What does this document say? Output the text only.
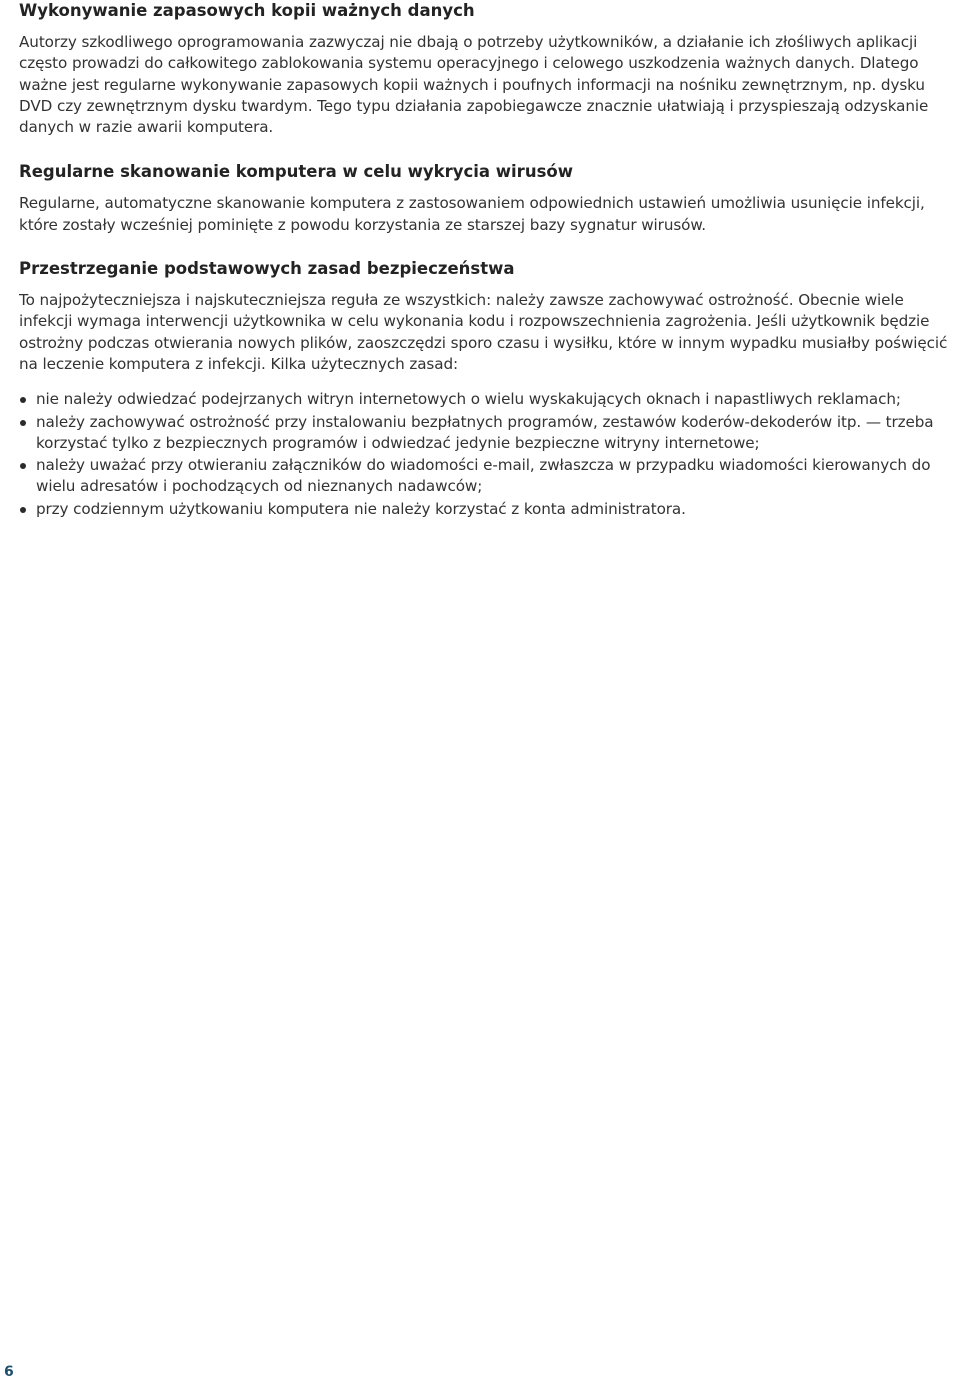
Wykonywanie zapasowych kopii ważnych danych

Autorzy szkodliwego oprogramowania zazwyczaj nie dbają o potrzeby użytkowników, a działanie ich złośliwych aplikacji często prowadzi do całkowitego zablokowania systemu operacyjnego i celowego uszkodzenia ważnych danych. Dlatego ważne jest regularne wykonywanie zapasowych kopii ważnych i poufnych informacji na nośniku zewnętrznym, np. dysku DVD czy zewnętrznym dysku twardym. Tego typu działania zapobiegawcze znacznie ułatwiają i przyspieszają odzyskanie danych w razie awarii komputera.

Regularne skanowanie komputera w celu wykrycia wirusów

Regularne, automatyczne skanowanie komputera z zastosowaniem odpowiednich ustawień umożliwia usunięcie infekcji, które zostały wcześniej pominięte z powodu korzystania ze starszej bazy sygnatur wirusów.

Przestrzeganie podstawowych zasad bezpieczeństwa

To najpożyteczniejsza i najskuteczniejsza reguła ze wszystkich: należy zawsze zachowywać ostrożność. Obecnie wiele infekcji wymaga interwencji użytkownika w celu wykonania kodu i rozpowszechnienia zagrożenia. Jeśli użytkownik będzie ostrożny podczas otwierania nowych plików, zaoszczędzi sporo czasu i wysiłku, które w innym wypadku musiałby poświęcić na leczenie komputera z infekcji. Kilka użytecznych zasad:

nie należy odwiedzać podejrzanych witryn internetowych o wielu wyskakujących oknach i napastliwych reklamach;
należy zachowywać ostrożność przy instalowaniu bezpłatnych programów, zestawów koderów-dekoderów itp. — trzeba korzystać tylko z bezpiecznych programów i odwiedzać jedynie bezpieczne witryny internetowe;
należy uważać przy otwieraniu załączników do wiadomości e-mail, zwłaszcza w przypadku wiadomości kierowanych do wielu adresatów i pochodzących od nieznanych nadawców;
przy codziennym użytkowaniu komputera nie należy korzystać z konta administratora.
6
